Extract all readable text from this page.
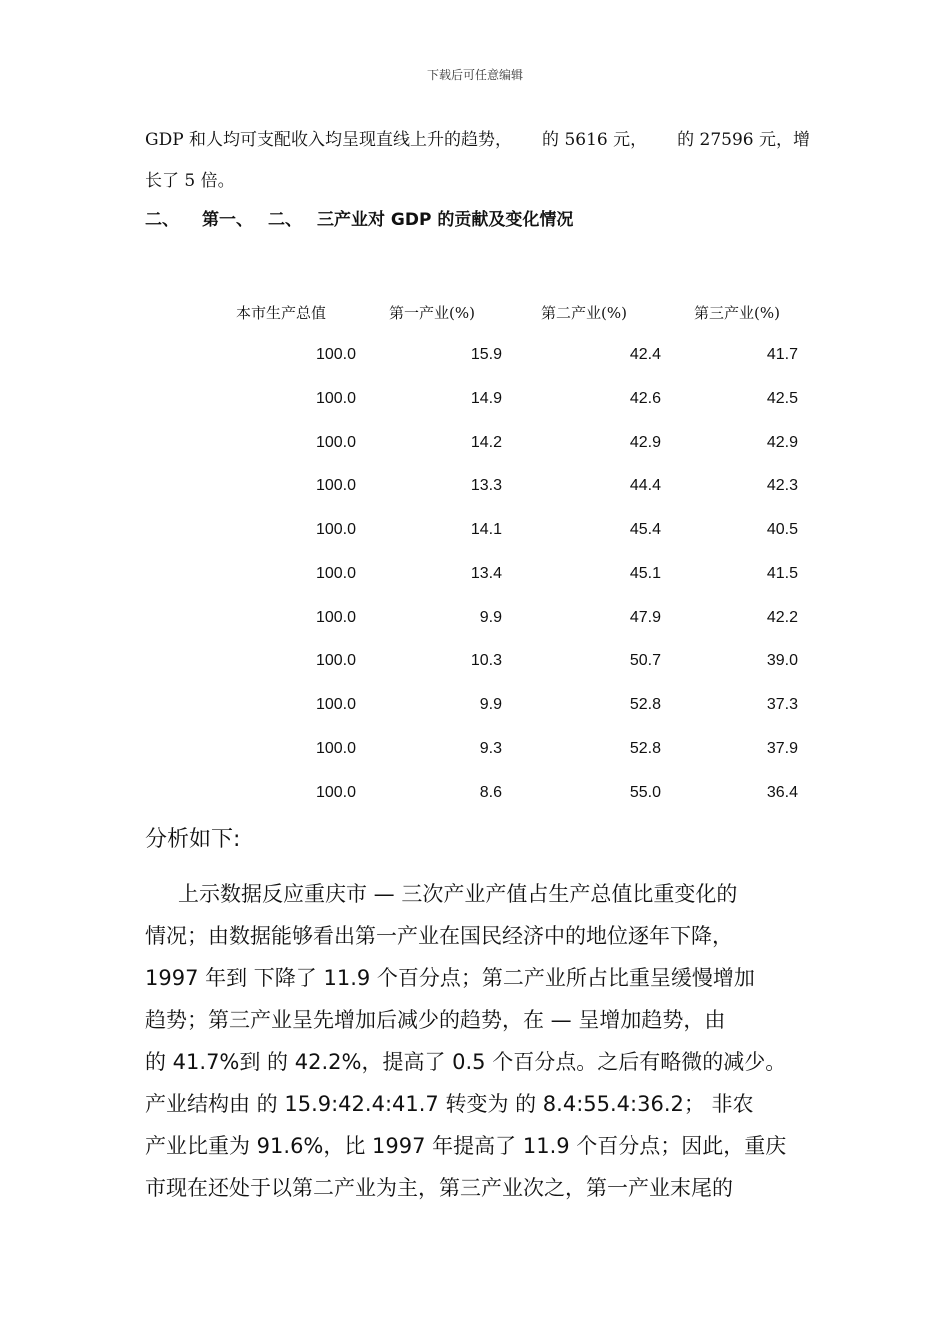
下载后可任意编辑
GDP 和人均可支配收入均呈现直线上升的趋势， 的 5616 元， 的 27596 元，增
长了 5 倍。
二、 第一、 二、 三产业对 GDP 的贡献及变化情况
本市生产总值	第一产业(%)	第二产业(%)	第三产业(%)
100.0	15.9	42.4	41.7
100.0	14.9	42.6	42.5
100.0	14.2	42.9	42.9
100.0	13.3	44.4	42.3
100.0	14.1	45.4	40.5
100.0	13.4	45.1	41.5
100.0	9.9	47.9	42.2
100.0	10.3	50.7	39.0
100.0	9.9	52.8	37.3
100.0	9.3	52.8	37.9
100.0	8.6	55.0	36.4
分析如下:
上示数据反应重庆市 — 三次产业产值占生产总值比重变化的
情况；由数据能够看出第一产业在国民经济中的地位逐年下降，
1997 年到 下降了 11.9 个百分点；第二产业所占比重呈缓慢增加
趋势；第三产业呈先增加后减少的趋势，在 — 呈增加趋势，由
的 41.7%到 的 42.2%，提高了 0.5 个百分点。之后有略微的减少。
产业结构由 的 15.9:42.4:41.7 转变为 的 8.4:55.4:36.2； 非农
产业比重为 91.6%，比 1997 年提高了 11.9 个百分点；因此，重庆
市现在还处于以第二产业为主，第三产业次之，第一产业末尾的
